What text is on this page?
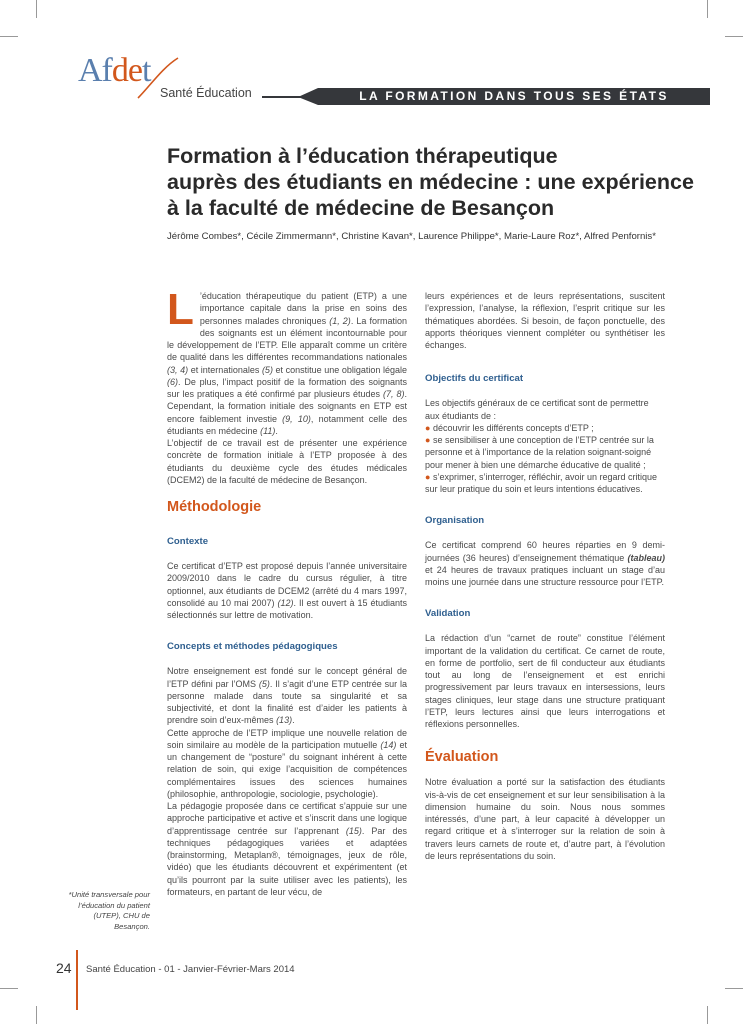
Afdet
Santé Éducation	LA FORMATION DANS TOUS SES ÉTATS
Formation à l’éducation thérapeutique
auprès des étudiants en médecine : une expérience
à la faculté de médecine de Besançon
Jérôme Combes*, Cécile Zimmermann*, Christine Kavan*, Laurence Philippe*, Marie-Laure Roz*, Alfred Penfornis*

L ’éducation thérapeutique du patient (ETP) a une importance capitale dans la prise en soins des personnes malades chroniques (1, 2). La formation des soignants est un élément incontournable pour le développement de l’ETP. Elle apparaît comme un critère de qualité dans les différentes recommandations nationales (3, 4) et internationales (5) et constitue une obligation légale (6). De plus, l’impact positif de la formation des soignants sur les pratiques a été confirmé par plusieurs études (7, 8). Cependant, la formation initiale des soignants en ETP est encore faiblement investie (9, 10), notamment celle des étudiants en médecine (11).

L’objectif de ce travail est de présenter une expérience concrète de formation initiale à l’ETP proposée à des étudiants du deuxième cycle des études médicales (DCEM2) de la faculté de médecine de Besançon.

Méthodologie

Contexte

Ce certificat d’ETP est proposé depuis l’année universitaire 2009/2010 dans le cadre du cursus régulier, à titre optionnel, aux étudiants de DCEM2 (arrêté du 4 mars 1997, consolidé au 10 mai 2007) (12). Il est ouvert à 15 étudiants sélectionnés sur lettre de motivation.

Concepts et méthodes pédagogiques

Notre enseignement est fondé sur le concept général de l’ETP défini par l’OMS (5). Il s’agit d’une ETP centrée sur la personne malade dans toute sa singularité et sa subjectivité, et dont la finalité est d’aider les patients à prendre soin d’eux-mêmes (13).

Cette approche de l’ETP implique une nouvelle relation de soin similaire au modèle de la participation mutuelle (14) et un changement de “posture” du soignant inhérent à cette relation de soin, qui exige l’acquisition de compétences complémentaires issues des sciences humaines (philosophie, anthropologie, sociologie, psychologie).

La pédagogie proposée dans ce certificat s’appuie sur une approche participative et active et s’inscrit dans une logique d’apprentissage centrée sur l’apprenant (15). Par des techniques pédagogiques variées et adaptées (brainstorming, Metaplan®, témoignages, jeux de rôle, vidéo) que les étudiants découvrent et expérimentent (et qu’ils pourront par la suite utiliser avec les patients), les formateurs, en partant de leur vécu, de

leurs expériences et de leurs représentations, suscitent l’expression, l’analyse, la réflexion, l’esprit critique sur les thématiques abordées. Si besoin, de façon ponctuelle, des apports théoriques viennent compléter ou synthétiser les échanges.

Objectifs du certificat

Les objectifs généraux de ce certificat sont de permettre aux étudiants de :

● découvrir les différents concepts d’ETP ;

● se sensibiliser à une conception de l’ETP centrée sur la personne et à l’importance de la relation soignant-soigné pour mener à bien une démarche éducative de qualité ;

● s’exprimer, s’interroger, réfléchir, avoir un regard critique sur leur pratique du soin et leurs intentions éducatives.

Organisation

Ce certificat comprend 60 heures réparties en 9 demi-journées (36 heures) d’enseignement thématique (tableau) et 24 heures de travaux pratiques incluant un stage d’au moins une journée dans une structure ressource pour l’ETP.

Validation

La rédaction d’un “carnet de route” constitue l’élément important de la validation du certificat. Ce carnet de route, en forme de portfolio, sert de fil conducteur aux étudiants tout au long de l’enseignement et est enrichi progressivement par leurs travaux en intersessions, leurs stages cliniques, leur stage dans une structure pratiquant l’ETP, leurs lectures ainsi que leurs interrogations et réflexions personnelles.

Évaluation

Notre évaluation a porté sur la satisfaction des étudiants vis-à-vis de cet enseignement et sur leur sensibilisation à la dimension humaine du soin. Nous nous sommes intéressés, d’une part, à leur capacité à développer un regard critique et à s’interroger sur la relation de soin à travers leurs carnets de route et, d’autre part, à l’évolution de leurs représentations du soin.

*Unité transversale pour l’éducation du patient (UTEP), CHU de Besançon.
24 Santé Éducation - 01 - Janvier-Février-Mars 2014
